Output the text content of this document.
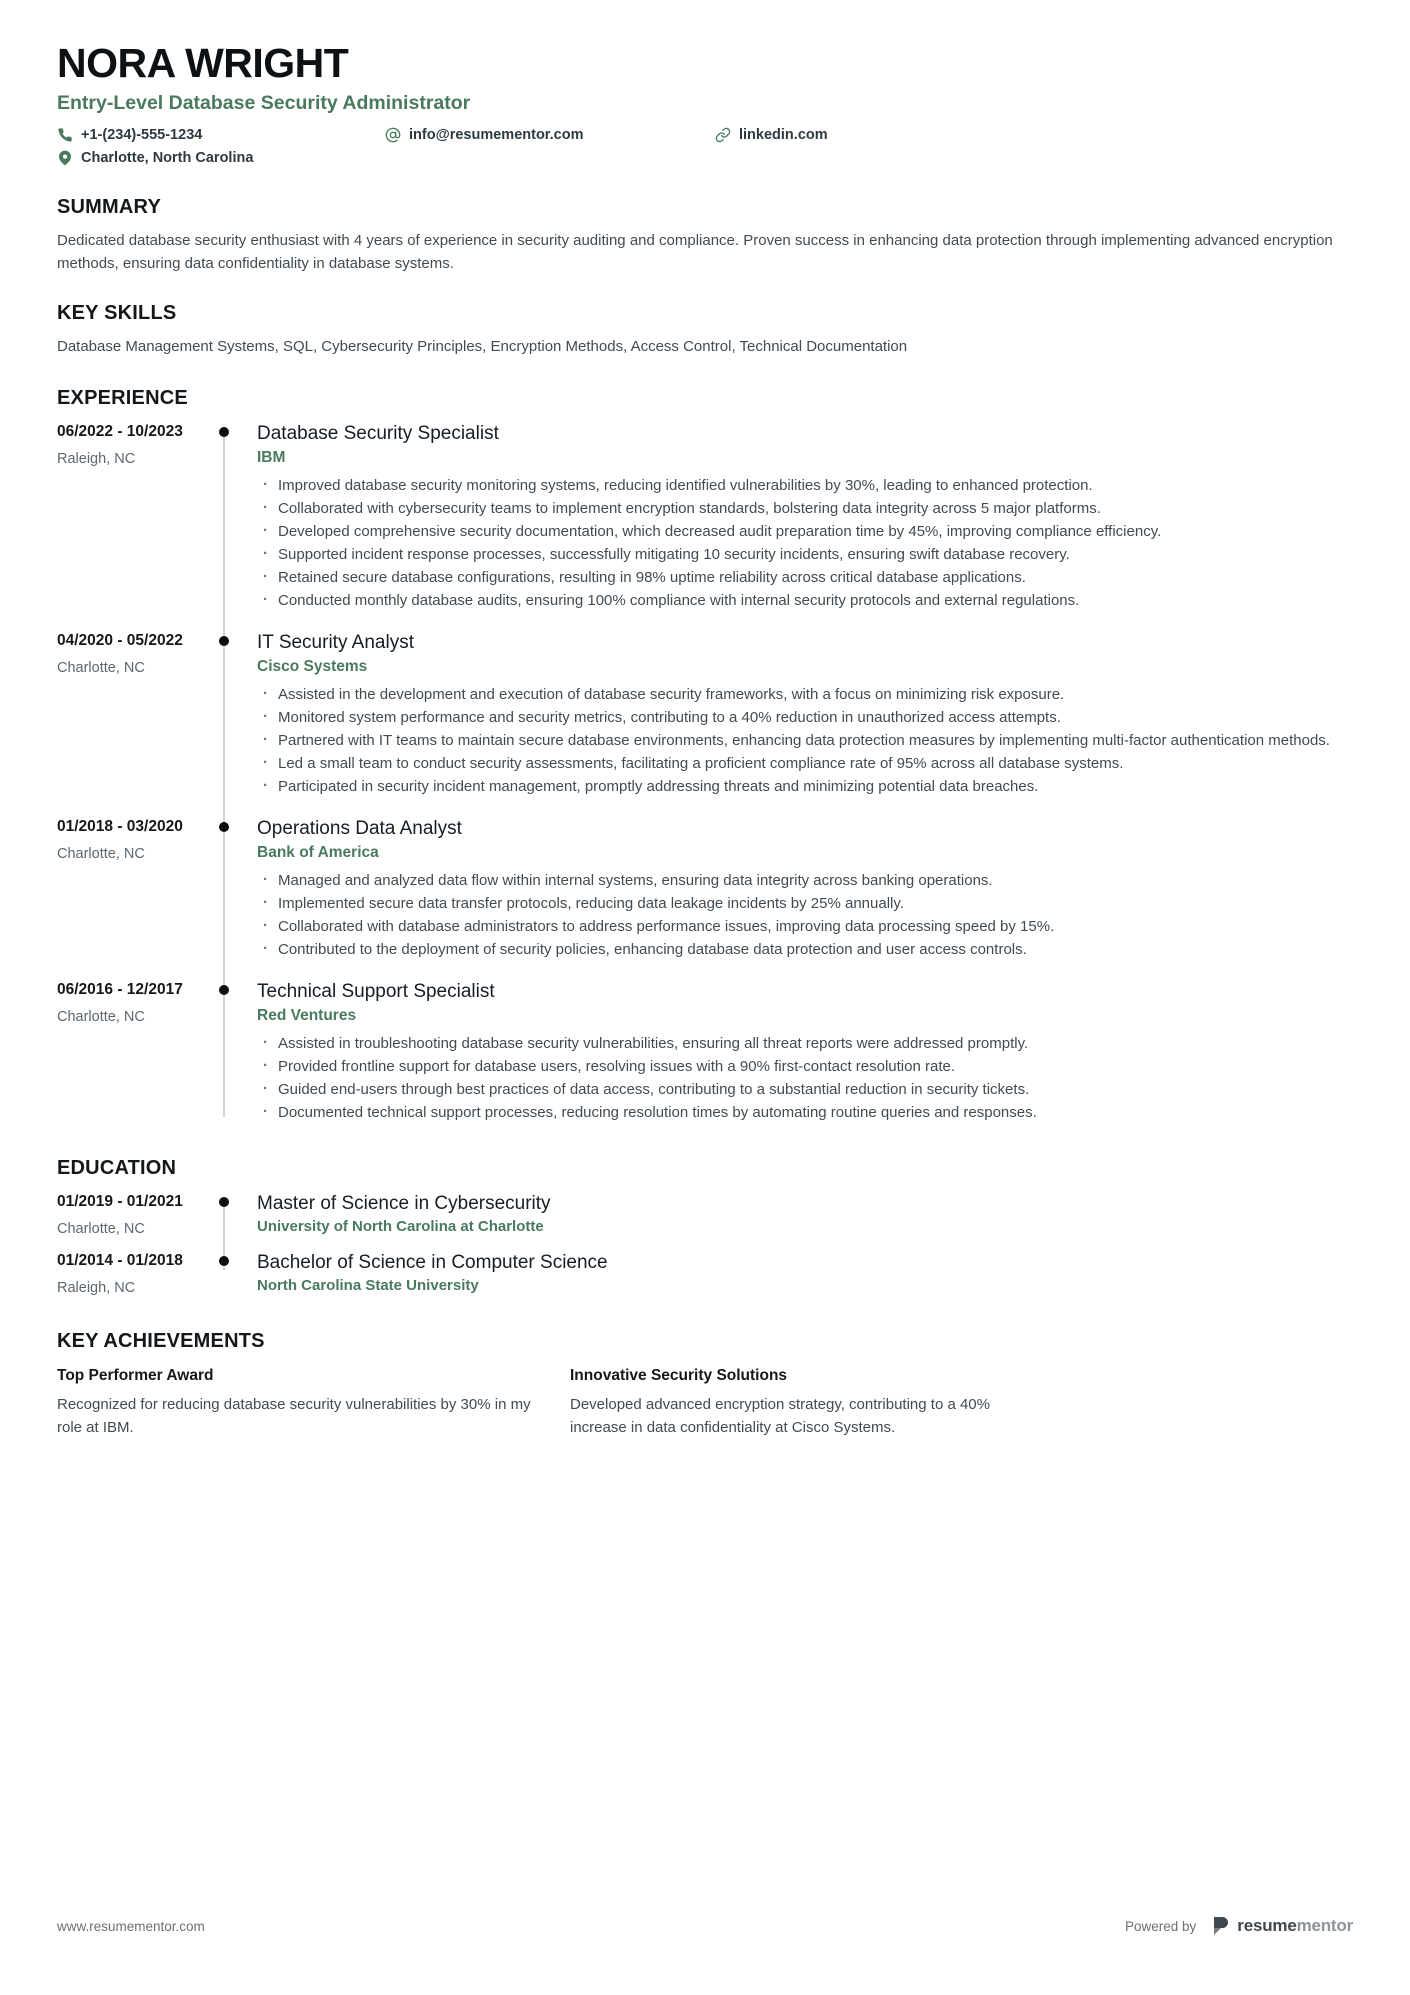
NORA WRIGHT
Entry-Level Database Security Administrator
+1-(234)-555-1234	info@resumementor.com	linkedin.com
Charlotte, North Carolina
SUMMARY
Dedicated database security enthusiast with 4 years of experience in security auditing and compliance. Proven success in enhancing data protection through implementing advanced encryption methods, ensuring data confidentiality in database systems.
KEY SKILLS
Database Management Systems, SQL, Cybersecurity Principles, Encryption Methods, Access Control, Technical Documentation
EXPERIENCE
06/2022 - 10/2023
Raleigh, NC
Database Security Specialist
IBM
· Improved database security monitoring systems, reducing identified vulnerabilities by 30%, leading to enhanced protection.
· Collaborated with cybersecurity teams to implement encryption standards, bolstering data integrity across 5 major platforms.
· Developed comprehensive security documentation, which decreased audit preparation time by 45%, improving compliance efficiency.
· Supported incident response processes, successfully mitigating 10 security incidents, ensuring swift database recovery.
· Retained secure database configurations, resulting in 98% uptime reliability across critical database applications.
· Conducted monthly database audits, ensuring 100% compliance with internal security protocols and external regulations.
04/2020 - 05/2022
Charlotte, NC
IT Security Analyst
Cisco Systems
· Assisted in the development and execution of database security frameworks, with a focus on minimizing risk exposure.
· Monitored system performance and security metrics, contributing to a 40% reduction in unauthorized access attempts.
· Partnered with IT teams to maintain secure database environments, enhancing data protection measures by implementing multi-factor authentication methods.
· Led a small team to conduct security assessments, facilitating a proficient compliance rate of 95% across all database systems.
· Participated in security incident management, promptly addressing threats and minimizing potential data breaches.
01/2018 - 03/2020
Charlotte, NC
Operations Data Analyst
Bank of America
· Managed and analyzed data flow within internal systems, ensuring data integrity across banking operations.
· Implemented secure data transfer protocols, reducing data leakage incidents by 25% annually.
· Collaborated with database administrators to address performance issues, improving data processing speed by 15%.
· Contributed to the deployment of security policies, enhancing database data protection and user access controls.
06/2016 - 12/2017
Charlotte, NC
Technical Support Specialist
Red Ventures
· Assisted in troubleshooting database security vulnerabilities, ensuring all threat reports were addressed promptly.
· Provided frontline support for database users, resolving issues with a 90% first-contact resolution rate.
· Guided end-users through best practices of data access, contributing to a substantial reduction in security tickets.
· Documented technical support processes, reducing resolution times by automating routine queries and responses.
EDUCATION
01/2019 - 01/2021
Charlotte, NC
Master of Science in Cybersecurity
University of North Carolina at Charlotte
01/2014 - 01/2018
Raleigh, NC
Bachelor of Science in Computer Science
North Carolina State University
KEY ACHIEVEMENTS
Top Performer Award
Recognized for reducing database security vulnerabilities by 30% in my role at IBM.
Innovative Security Solutions
Developed advanced encryption strategy, contributing to a 40% increase in data confidentiality at Cisco Systems.
www.resumementor.com	Powered by resumementor
